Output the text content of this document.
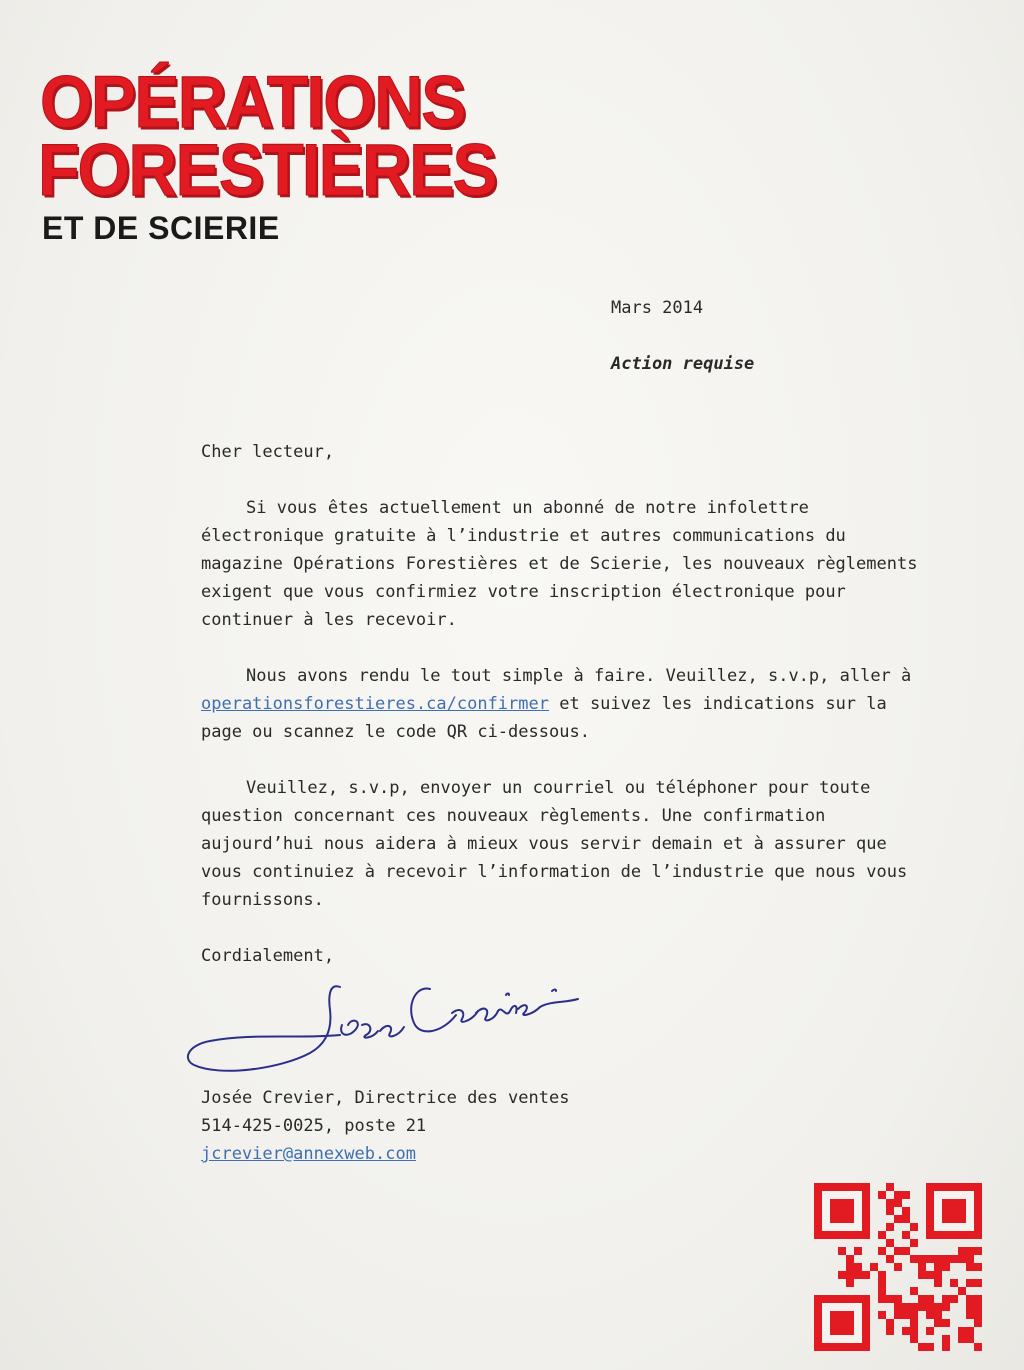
OPÉRATIONS
FORESTIÈRES
ET DE SCIERIE
Mars 2014
Action requise

Cher lecteur,

Si vous êtes actuellement un abonné de notre infolettre électronique gratuite à l’industrie et autres communications du magazine Opérations Forestières et de Scierie, les nouveaux règlements exigent que vous confirmiez votre inscription électronique pour continuer à les recevoir.

Nous avons rendu le tout simple à faire. Veuillez, s.v.p, aller à operationsforestieres.ca/confirmer et suivez les indications sur la page ou scannez le code QR ci-dessous.

Veuillez, s.v.p, envoyer un courriel ou téléphoner pour toute question concernant ces nouveaux règlements. Une confirmation aujourd’hui nous aidera à mieux vous servir demain et à assurer que vous continuiez à recevoir l’information de l’industrie que nous vous fournissons.

Cordialement,

Josée Crevier, Directrice des ventes
514-425-0025, poste 21
jcrevier@annexweb.com
